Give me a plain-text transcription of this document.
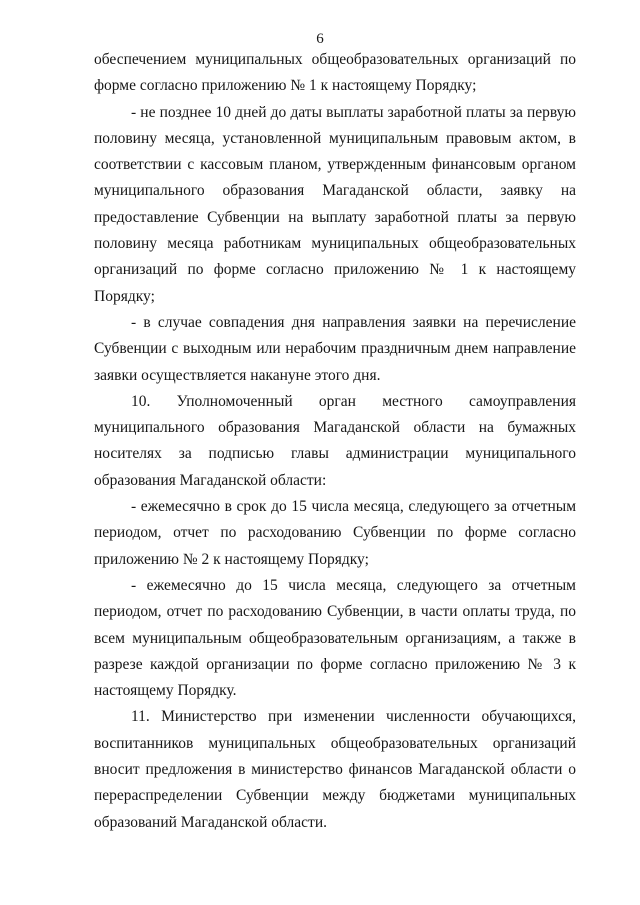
6

обеспечением муниципальных общеобразовательных организаций по форме согласно приложению № 1 к настоящему Порядку;

- не позднее 10 дней до даты выплаты заработной платы за первую половину месяца, установленной муниципальным правовым актом, в соответствии с кассовым планом, утвержденным финансовым органом муниципального образования Магаданской области, заявку на предоставление Субвенции на выплату заработной платы за первую половину месяца работникам муниципальных общеобразовательных организаций по форме согласно приложению № 1 к настоящему Порядку;

- в случае совпадения дня направления заявки на перечисление Субвенции с выходным или нерабочим праздничным днем направление заявки осуществляется накануне этого дня.

10. Уполномоченный орган местного самоуправления муниципального образования Магаданской области на бумажных носителях за подписью главы администрации муниципального образования Магаданской области:

- ежемесячно в срок до 15 числа месяца, следующего за отчетным периодом, отчет по расходованию Субвенции по форме согласно приложению № 2 к настоящему Порядку;

- ежемесячно до 15 числа месяца, следующего за отчетным периодом, отчет по расходованию Субвенции, в части оплаты труда, по всем муниципальным общеобразовательным организациям, а также в разрезе каждой организации по форме согласно приложению № 3 к настоящему Порядку.

11. Министерство при изменении численности обучающихся, воспитанников муниципальных общеобразовательных организаций вносит предложения в министерство финансов Магаданской области о перераспределении Субвенции между бюджетами муниципальных образований Магаданской области.
